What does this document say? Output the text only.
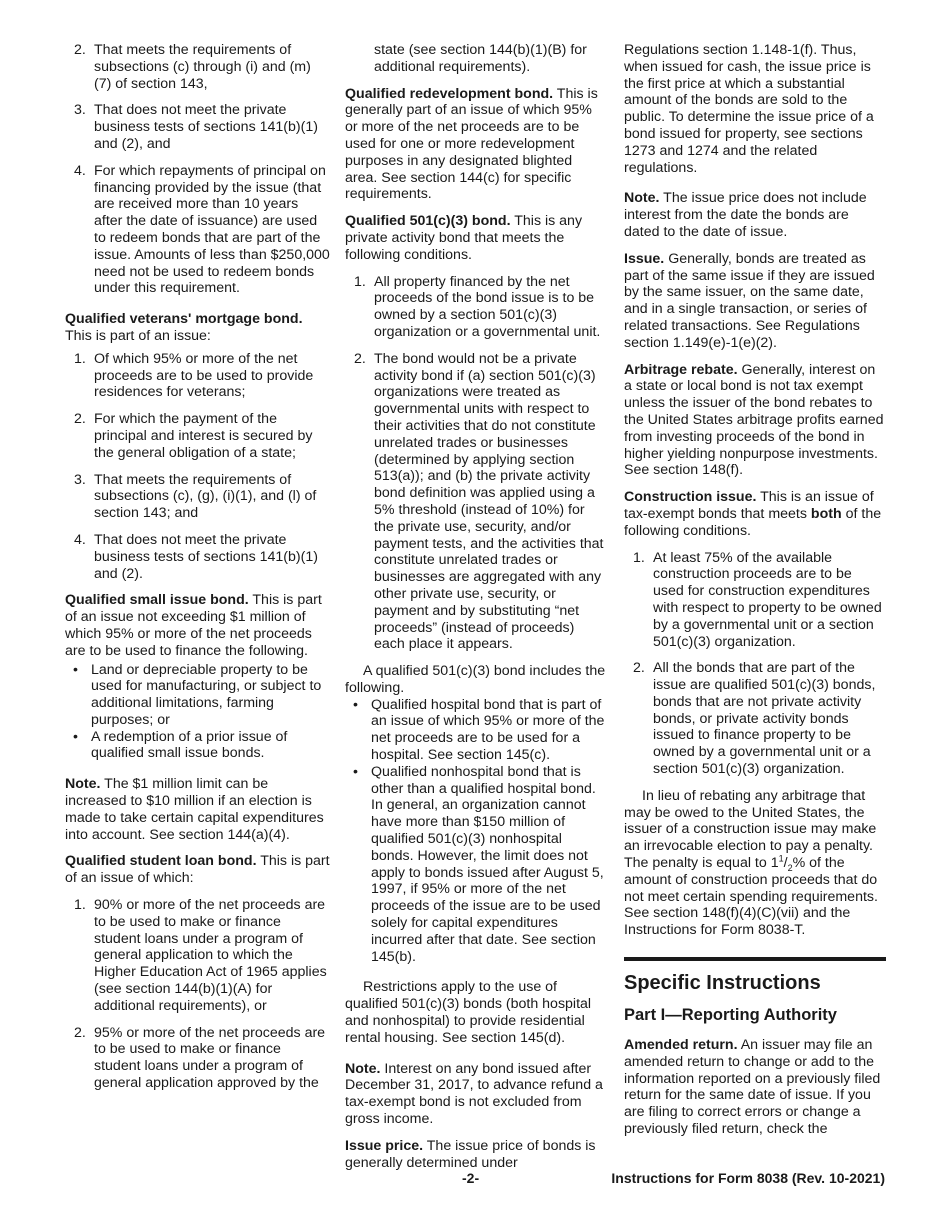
2. That meets the requirements of subsections (c) through (i) and (m) (7) of section 143,
3. That does not meet the private business tests of sections 141(b)(1) and (2), and
4. For which repayments of principal on financing provided by the issue (that are received more than 10 years after the date of issuance) are used to redeem bonds that are part of the issue. Amounts of less than $250,000 need not be used to redeem bonds under this requirement.

Qualified veterans' mortgage bond. This is part of an issue:

1. Of which 95% or more of the net proceeds are to be used to provide residences for veterans;
2. For which the payment of the principal and interest is secured by the general obligation of a state;
3. That meets the requirements of subsections (c), (g), (i)(1), and (l) of section 143; and
4. That does not meet the private business tests of sections 141(b)(1) and (2).

Qualified small issue bond. This is part of an issue not exceeding $1 million of which 95% or more of the net proceeds are to be used to finance the following.

• Land or depreciable property to be used for manufacturing, or subject to additional limitations, farming purposes; or
• A redemption of a prior issue of qualified small issue bonds.

Note. The $1 million limit can be increased to $10 million if an election is made to take certain capital expenditures into account. See section 144(a)(4).

Qualified student loan bond. This is part of an issue of which:

1. 90% or more of the net proceeds are to be used to make or finance student loans under a program of general application to which the Higher Education Act of 1965 applies (see section 144(b)(1)(A) for additional requirements), or
2. 95% or more of the net proceeds are to be used to make or finance student loans under a program of general application approved by the
state (see section 144(b)(1)(B) for additional requirements).

Qualified redevelopment bond. This is generally part of an issue of which 95% or more of the net proceeds are to be used for one or more redevelopment purposes in any designated blighted area. See section 144(c) for specific requirements.

Qualified 501(c)(3) bond. This is any private activity bond that meets the following conditions.

1. All property financed by the net proceeds of the bond issue is to be owned by a section 501(c)(3) organization or a governmental unit.
2. The bond would not be a private activity bond if (a) section 501(c)(3) organizations were treated as governmental units with respect to their activities that do not constitute unrelated trades or businesses (determined by applying section 513(a)); and (b) the private activity bond definition was applied using a 5% threshold (instead of 10%) for the private use, security, and/or payment tests, and the activities that constitute unrelated trades or businesses are aggregated with any other private use, security, or payment and by substituting “net proceeds” (instead of proceeds) each place it appears.

A qualified 501(c)(3) bond includes the following.

• Qualified hospital bond that is part of an issue of which 95% or more of the net proceeds are to be used for a hospital. See section 145(c).
• Qualified nonhospital bond that is other than a qualified hospital bond. In general, an organization cannot have more than $150 million of qualified 501(c)(3) nonhospital bonds. However, the limit does not apply to bonds issued after August 5, 1997, if 95% or more of the net proceeds of the issue are to be used solely for capital expenditures incurred after that date. See section 145(b).

Restrictions apply to the use of qualified 501(c)(3) bonds (both hospital and nonhospital) to provide residential rental housing. See section 145(d).

Note. Interest on any bond issued after December 31, 2017, to advance refund a tax-exempt bond is not excluded from gross income.

Issue price. The issue price of bonds is generally determined under

Regulations section 1.148-1(f). Thus, when issued for cash, the issue price is the first price at which a substantial amount of the bonds are sold to the public. To determine the issue price of a bond issued for property, see sections 1273 and 1274 and the related regulations.

Note. The issue price does not include interest from the date the bonds are dated to the date of issue.

Issue. Generally, bonds are treated as part of the same issue if they are issued by the same issuer, on the same date, and in a single transaction, or series of related transactions. See Regulations section 1.149(e)-1(e)(2).

Arbitrage rebate. Generally, interest on a state or local bond is not tax exempt unless the issuer of the bond rebates to the United States arbitrage profits earned from investing proceeds of the bond in higher yielding nonpurpose investments. See section 148(f).

Construction issue. This is an issue of tax-exempt bonds that meets both of the following conditions.

1. At least 75% of the available construction proceeds are to be used for construction expenditures with respect to property to be owned by a governmental unit or a section 501(c)(3) organization.
2. All the bonds that are part of the issue are qualified 501(c)(3) bonds, bonds that are not private activity bonds, or private activity bonds issued to finance property to be owned by a governmental unit or a section 501(c)(3) organization.

In lieu of rebating any arbitrage that may be owed to the United States, the issuer of a construction issue may make an irrevocable election to pay a penalty. The penalty is equal to $1^1/_2\%$ of the amount of construction proceeds that do not meet certain spending requirements. See section 148(f)(4)(C)(vii) and the Instructions for Form 8038-T.

Specific Instructions
Part I—Reporting Authority

Amended return. An issuer may file an amended return to change or add to the information reported on a previously filed return for the same date of issue. If you are filing to correct errors or change a previously filed return, check the

-2-	Instructions for Form 8038 (Rev. 10-2021)
